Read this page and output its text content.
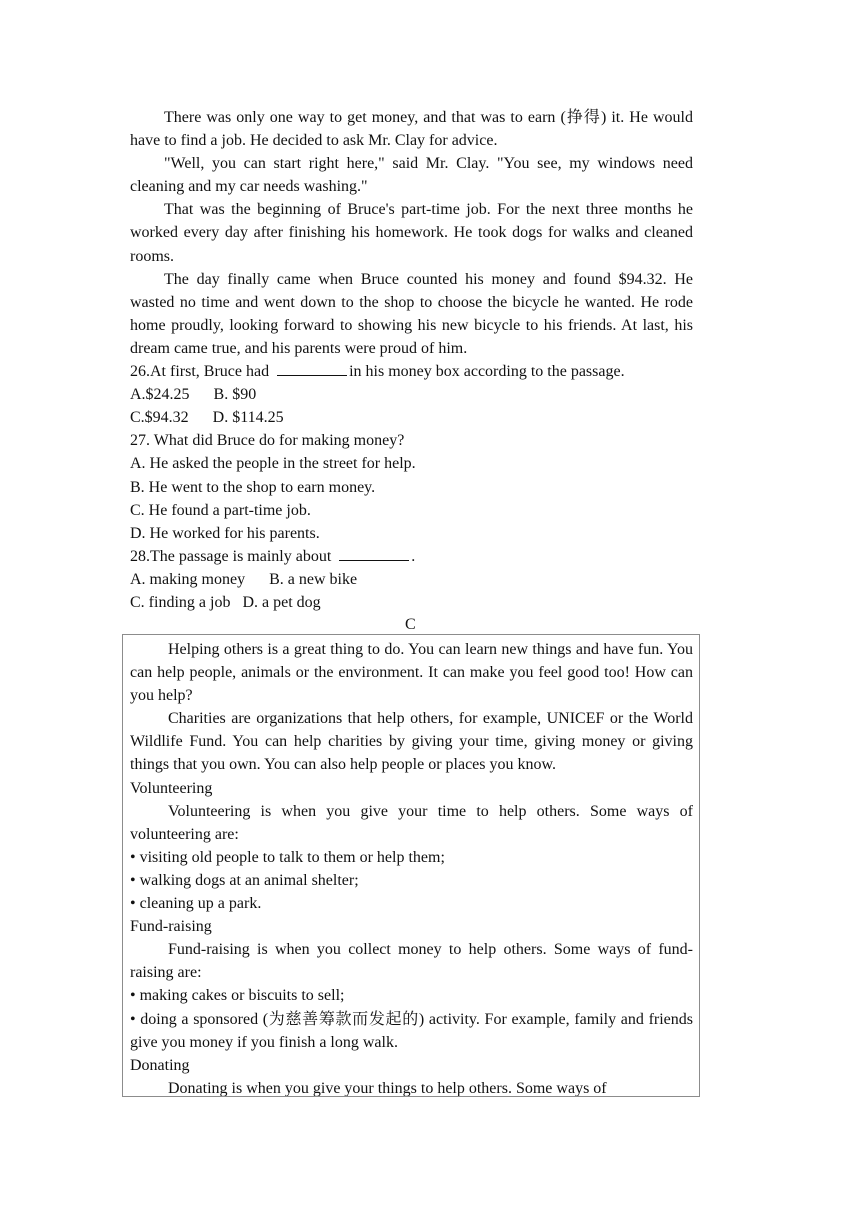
There was only one way to get money, and that was to earn (挣得) it. He would have to find a job. He decided to ask Mr. Clay for advice.

"Well, you can start right here," said Mr. Clay. "You see, my windows need cleaning and my car needs washing."

That was the beginning of Bruce's part-time job. For the next three months he worked every day after finishing his homework. He took dogs for walks and cleaned rooms.

The day finally came when Bruce counted his money and found $94.32. He wasted no time and went down to the shop to choose the bicycle he wanted. He rode home proudly, looking forward to showing his new bicycle to his friends. At last, his dream came true, and his parents were proud of him.

26.At first, Bruce had	in his money box according to the passage.

A.$24.25      B. $90

C.$94.32      D. $114.25

27. What did Bruce do for making money?

A. He asked the people in the street for help.

B. He went to the shop to earn money.

C. He found a part-time job.

D. He worked for his parents.

28.The passage is mainly about	.

A. making money      B. a new bike

C. finding a job   D. a pet dog

C

Helping others is a great thing to do. You can learn new things and have fun. You can help people, animals or the environment. It can make you feel good too! How can you help?

Charities are organizations that help others, for example, UNICEF or the World Wildlife Fund. You can help charities by giving your time, giving money or giving things that you own. You can also help people or places you know.

Volunteering

Volunteering is when you give your time to help others. Some ways of volunteering are:

• visiting old people to talk to them or help them;

• walking dogs at an animal shelter;

• cleaning up a park.

Fund-raising

Fund-raising is when you collect money to help others. Some ways of fund-raising are:

• making cakes or biscuits to sell;

• doing a sponsored (为慈善筹款而发起的) activity. For example, family and friends give you money if you finish a long walk.

Donating

Donating is when you give your things to help others. Some ways of
